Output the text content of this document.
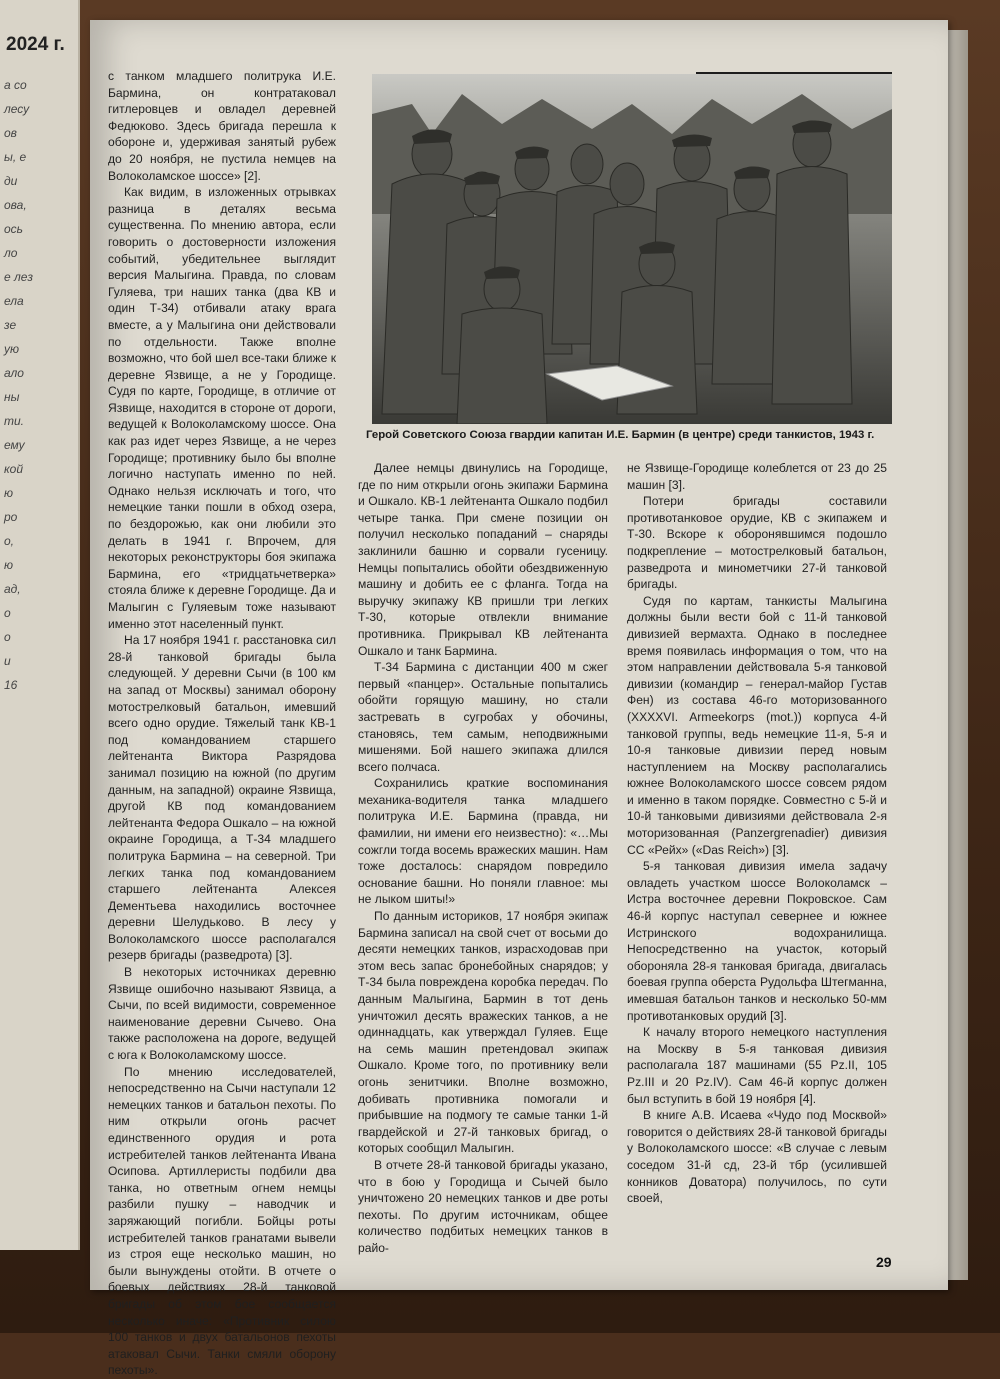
2024 г.
а со
лесу
ов
ы, е
ди
ова,
ось
ло
е лез
ела
зе
ую
ало
ны
ти.
ему
кой
ю
ро
о,
ю
ад,
о
о
и
16
Герой Советского Союза гвардии капитан И.Е. Бармин (в центре) среди танкистов, 1943 г.

с танком младшего политрука И.Е. Бармина, он контратаковал гитлеровцев и овладел деревней Федюково. Здесь бригада перешла к обороне и, удерживая занятый рубеж до 20 ноября, не пустила немцев на Волоколамское шоссе» [2].

Как видим, в изложенных отрывках разница в деталях весьма существенна. По мнению автора, если говорить о достоверности изложения событий, убедительнее выглядит версия Малыгина. Правда, по словам Гуляева, три наших танка (два КВ и один Т-34) отбивали атаку врага вместе, а у Малыгина они действовали по отдельности. Также вполне возможно, что бой шел все-таки ближе к деревне Язвище, а не у Городище. Судя по карте, Городище, в отличие от Язвище, находится в стороне от дороги, ведущей к Волоколамскому шоссе. Она как раз идет через Язвище, а не через Городище; противнику было бы вполне логично наступать именно по ней. Однако нельзя исключать и того, что немецкие танки пошли в обход озера, по бездорожью, как они любили это делать в 1941 г. Впрочем, для некоторых реконструкторы боя экипажа Бармина, его «тридцатьчетверка» стояла ближе к деревне Городище. Да и Малыгин с Гуляевым тоже называют именно этот населенный пункт.

На 17 ноября 1941 г. расстановка сил 28-й танковой бригады была следующей. У деревни Сычи (в 100 км на запад от Москвы) занимал оборону мотострелковый батальон, имевший всего одно орудие. Тяжелый танк КВ-1 под командованием старшего лейтенанта Виктора Разрядова занимал позицию на южной (по другим данным, на западной) окраине Язвища, другой КВ под командованием лейтенанта Федора Ошкало – на южной окраине Городища, а Т-34 младшего политрука Бармина – на северной. Три легких танка под командованием старшего лейтенанта Алексея Дементьева находились восточнее деревни Шелудьково. В лесу у Волоколамского шоссе располагался резерв бригады (разведрота) [3].

В некоторых источниках деревню Язвище ошибочно называют Язвица, а Сычи, по всей видимости, современное наименование деревни Сычево. Она также расположена на дороге, ведущей с юга к Волоколамскому шоссе.

По мнению исследователей, непосредственно на Сычи наступали 12 немецких танков и батальон пехоты. По ним открыли огонь расчет единственного орудия и рота истребителей танков лейтенанта Ивана Осипова. Артиллеристы подбили два танка, но ответным огнем немцы разбили пушку – наводчик и заряжающий погибли. Бойцы роты истребителей танков гранатами вывели из строя еще несколько машин, но были вынуждены отойти. В отчете о боевых действиях 28-й танковой бригады об этом бое сообщается несколько иначе: «Противник силою 100 танков и двух батальонов пехоты атаковал Сычи. Танки смяли оборону пехоты».

Далее немцы двинулись на Городище, где по ним открыли огонь экипажи Бармина и Ошкало. КВ-1 лейтенанта Ошкало подбил четыре танка. При смене позиции он получил несколько попаданий – снаряды заклинили башню и сорвали гусеницу. Немцы попытались обойти обездвиженную машину и добить ее с фланга. Тогда на выручку экипажу КВ пришли три легких Т-30, которые отвлекли внимание противника. Прикрывал КВ лейтенанта Ошкало и танк Бармина.

Т-34 Бармина с дистанции 400 м сжег первый «панцер». Остальные попытались обойти горящую машину, но стали застревать в сугробах у обочины, становясь, тем самым, неподвижными мишенями. Бой нашего экипажа длился всего полчаса.

Сохранились краткие воспоминания механика-водителя танка младшего политрука И.Е. Бармина (правда, ни фамилии, ни имени его неизвестно): «…Мы сожгли тогда восемь вражеских машин. Нам тоже досталось: снарядом повредило основание башни. Но поняли главное: мы не лыком шиты!»

По данным историков, 17 ноября экипаж Бармина записал на свой счет от восьми до десяти немецких танков, израсходовав при этом весь запас бронебойных снарядов; у Т-34 была повреждена коробка передач. По данным Малыгина, Бармин в тот день уничтожил десять вражеских танков, а не одиннадцать, как утверждал Гуляев. Еще на семь машин претендовал экипаж Ошкало. Кроме того, по противнику вели огонь зенитчики. Вполне возможно, добивать противника помогали и прибывшие на подмогу те самые танки 1-й гвардейской и 27-й танковых бригад, о которых сообщил Малыгин.

В отчете 28-й танковой бригады указано, что в бою у Городища и Сычей было уничтожено 20 немецких танков и две роты пехоты. По другим источникам, общее количество подбитых немецких танков в райо-

не Язвище-Городище колеблется от 23 до 25 машин [3].

Потери бригады составили противотанковое орудие, КВ с экипажем и Т-30. Вскоре к оборонявшимся подошло подкрепление – мотострелковый батальон, разведрота и минометчики 27-й танковой бригады.

Судя по картам, танкисты Малыгина должны были вести бой с 11-й танковой дивизией вермахта. Однако в последнее время появилась информация о том, что на этом направлении действовала 5-я танковой дивизии (командир – генерал-майор Густав Фен) из состава 46-го моторизованного (XXXXVI. Armeekorps (mot.)) корпуса 4-й танковой группы, ведь немецкие 11-я, 5-я и 10-я танковые дивизии перед новым наступлением на Москву располагались южнее Волоколамского шоссе совсем рядом и именно в таком порядке. Совместно с 5-й и 10-й танковыми дивизиями действовала 2-я моторизованная (Panzergrenadier) дивизия СС «Рейх» («Das Reich») [3].

5-я танковая дивизия имела задачу овладеть участком шоссе Волоколамск – Истра восточнее деревни Покровское. Сам 46-й корпус наступал севернее и южнее Истринского водохранилища. Непосредственно на участок, который обороняла 28-я танковая бригада, двигалась боевая группа оберста Рудольфа Штегманна, имевшая батальон танков и несколько 50-мм противотанковых орудий [3].

К началу второго немецкого наступления на Москву в 5-я танковая дивизия располагала 187 машинами (55 Pz.II, 105 Pz.III и 20 Pz.IV). Сам 46-й корпус должен был вступить в бой 19 ноября [4].

В книге А.В. Исаева «Чудо под Москвой» говорится о действиях 28-й танковой бригады у Волоколамского шоссе: «В случае с левым соседом 31-й сд, 23-й тбр (усилившей конников Доватора) получилось, по сути своей,

29
